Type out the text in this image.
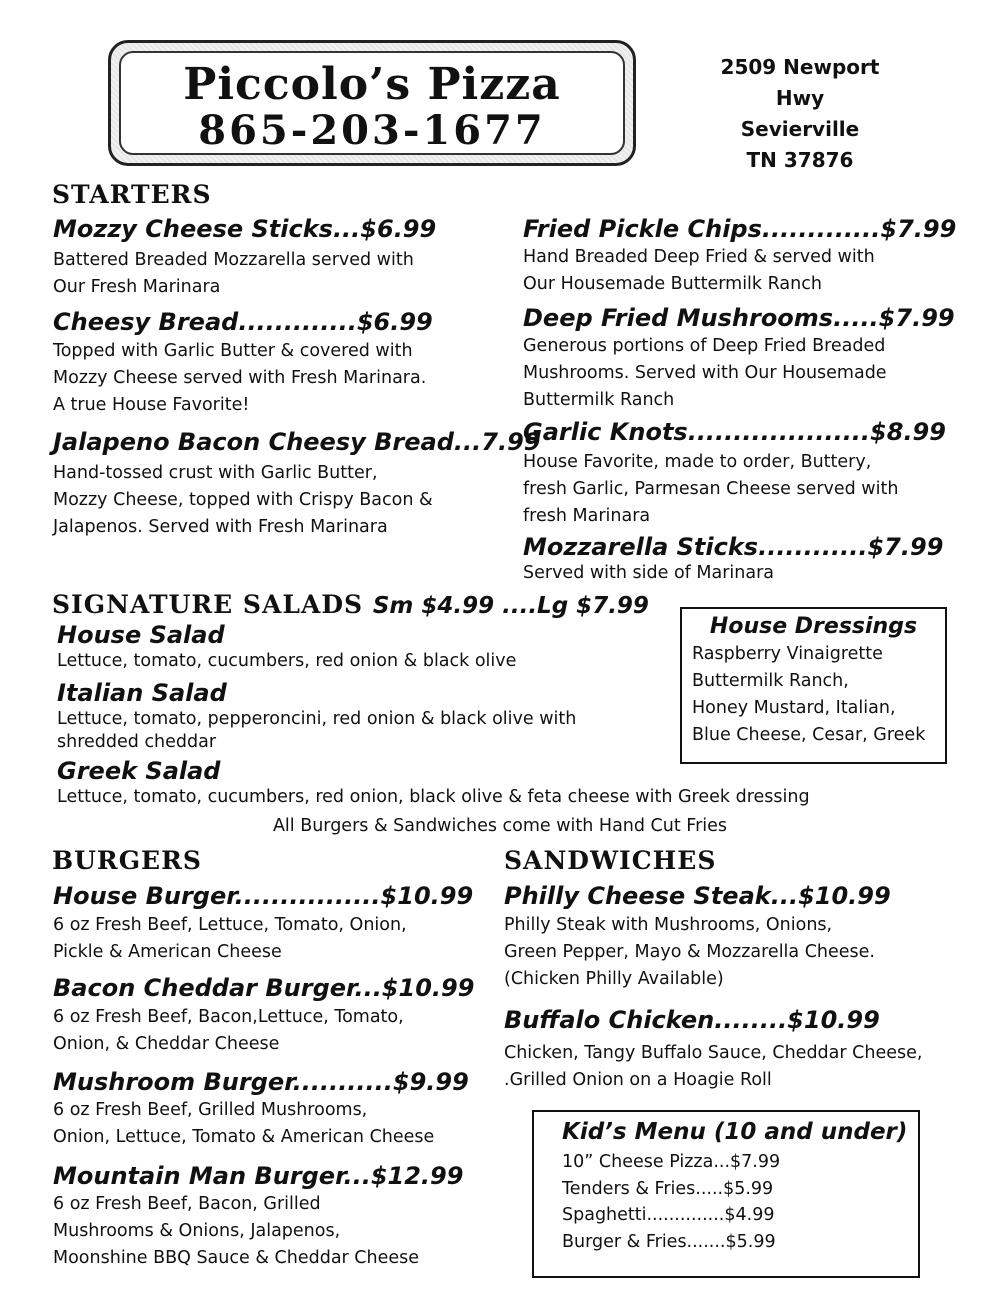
Piccolo’s Pizza
865-203-1677
2509 Newport
Hwy
Sevierville
TN 37876
STARTERS
Mozzy Cheese Sticks...$6.99
Battered Breaded Mozzarella served with
Our Fresh Marinara
Cheesy Bread.............$6.99
Topped with Garlic Butter & covered with
Mozzy Cheese served with Fresh Marinara.
A true House Favorite!
Jalapeno Bacon Cheesy Bread...7.99
Hand-tossed crust with Garlic Butter,
Mozzy Cheese, topped with Crispy Bacon &
Jalapenos. Served with Fresh Marinara
Fried Pickle Chips.............$7.99
Hand Breaded Deep Fried & served with
Our Housemade Buttermilk Ranch
Deep Fried Mushrooms.....$7.99
Generous portions of Deep Fried Breaded
Mushrooms. Served with Our Housemade
Buttermilk Ranch
Garlic Knots....................$8.99
House Favorite, made to order, Buttery,
fresh Garlic, Parmesan Cheese served with
fresh Marinara
Mozzarella Sticks............$7.99
Served with side of Marinara
SIGNATURE SALADS Sm $4.99 ....Lg $7.99
House Salad
Lettuce, tomato, cucumbers, red onion & black olive
Italian Salad
Lettuce, tomato, pepperoncini, red onion & black olive with
shredded cheddar
Greek Salad
Lettuce, tomato, cucumbers, red onion, black olive & feta cheese with Greek dressing
House Dressings
Raspberry Vinaigrette
Buttermilk Ranch,
Honey Mustard, Italian,
Blue Cheese, Cesar, Greek
All Burgers & Sandwiches come with Hand Cut Fries
BURGERS
House Burger................$10.99
6 oz Fresh Beef, Lettuce, Tomato, Onion,
Pickle & American Cheese
Bacon Cheddar Burger...$10.99
6 oz Fresh Beef, Bacon,Lettuce, Tomato,
Onion, & Cheddar Cheese
Mushroom Burger...........$9.99
6 oz Fresh Beef, Grilled Mushrooms,
Onion, Lettuce, Tomato & American Cheese
Mountain Man Burger...$12.99
6 oz Fresh Beef, Bacon, Grilled
Mushrooms & Onions, Jalapenos,
Moonshine BBQ Sauce & Cheddar Cheese
SANDWICHES
Philly Cheese Steak...$10.99
Philly Steak with Mushrooms, Onions,
Green Pepper, Mayo & Mozzarella Cheese.
(Chicken Philly Available)
Buffalo Chicken........$10.99
Chicken, Tangy Buffalo Sauce, Cheddar Cheese,
.Grilled Onion on a Hoagie Roll
Kid’s Menu (10 and under)
10” Cheese Pizza...$7.99
Tenders & Fries.....$5.99
Spaghetti..............$4.99
Burger & Fries.......$5.99
